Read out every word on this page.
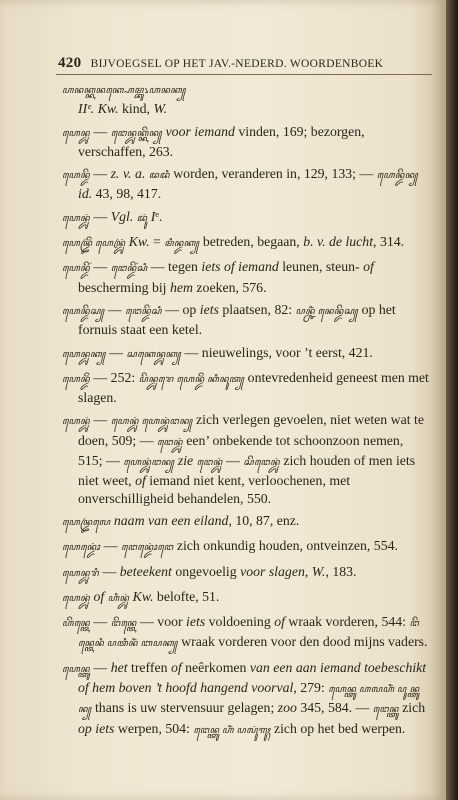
420 BIJVOEGSEL OP HET JAV.-NEDERD. WOORDENBOEK
ꦲꦤꦏ꧀ꦏꦤꦏ꧀ꦲꦺꦩ꧀ꦧꦸ꧈ꦲꦤꦏ꧀
IIᵉ. Kw. kind, W.
ꦲꦺꦤ꧀ꦢꦸ — ꦔꦺꦤ꧀ꦢꦸꦏ꧀ꦏꦼꦤ꧀ voor iemand vinden, 169; bezorgen, verschaffen, 263.
ꦲꦺꦤ꧀ꦢꦼ — z. v. a. ꦢꦢꦶ worden, veranderen in, 129, 133; — ꦲꦺꦤ꧀ꦢꦼꦤ꧀ id. 43, 98, 417.
ꦲꦺꦤ꧀ꦢꦸꦁ — Vgl. ꦢꦸꦁ Iᵉ.
ꦲꦺꦤ꧀ꦢꦿꦼꦁ ꦲꦺꦤ꧀ꦢꦿꦸꦁ Kw. = ꦩꦶꦤ꧀ꦢꦏ꧀ betreden, begaan, b. v. de lucht, 314.
ꦲꦺꦤ꧀ꦢꦼꦂ — ꦔꦺꦤ꧀ꦢꦼꦂꦱꦶ — tegen iets of iemand leunen, steun- of bescherming bij hem zoeken, 576.
ꦲꦺꦤ꧀ꦢꦼꦱ꧀ — ꦔꦺꦤ꧀ꦢꦼꦱꦶ — op iets plaatsen, 82: ꦥꦤ꧀ꦕꦶꦁ ꦤꦺꦤ꧀ꦢꦼꦱ꧀ op het fornuis staat een ketel.
ꦲꦺꦤ꧀ꦢꦸꦏ꧀ — ꦱꦏꦺꦤ꧀ꦢꦸꦏ꧀ — nieuwelings, voor ’t eerst, 421.
ꦲꦺꦤ꧀ꦢꦼꦁ — 252: ꦥꦼꦤ꧀ꦢꦸꦫꦺ ꦲꦺꦤ꧀ꦢꦼꦁ ꦏꦶꦤꦸꦠ꧀ ontevredenheid geneest men met slagen.
ꦲꦺꦤ꧀ꦢꦸꦁ — ꦲꦺꦤ꧀ꦢꦸꦁ ꦲꦺꦤ꧀ꦢꦸꦁꦔꦤ꧀ zich verlegen gevoelen, niet weten wat te doen, 509; — ꦔꦺꦤ꧀ꦢꦸꦁ een’ onbekende tot schoonzoon nemen, 515; — ꦲꦺꦤ꧀ꦢꦸꦁꦔꦤ꧀ zie ꦔꦺꦤ꧀ꦢꦸꦁ — ꦱꦼꦔꦺꦤ꧀ꦢꦸꦁ zich houden of men iets niet weet, of iemand niet kent, verloochenen, met onverschilligheid behandelen, 550.
ꦲꦺꦤ꧀ꦢꦿꦭꦺ naam van een eiland, 10, 87, enz.
ꦲꦺꦤ꧀ꦢꦺꦴꦁ — ꦔꦺꦤ꧀ꦢꦺꦴꦁꦔꦺ zich onkundig houden, ontveinzen, 554.
ꦲꦺꦤ꧀ꦢꦸꦫꦶ — beteekent ongevoelig voor slagen, W., 183.
ꦲꦺꦤ꧀ꦢꦸꦁ of ꦲꦶꦤ꧀ꦢꦸꦁ Kw. belofte, 51.
ꦲꦼꦤ꧀ꦠꦺ — ꦔꦼꦤ꧀ꦠꦺ — voor iets voldoening of wraak vorderen, 544: ꦔꦼꦤ꧀ꦠꦺꦤꦶ ꦥꦠꦶꦤꦶꦁ ꦧꦥꦏ꧀ wraak vorderen voor den dood mijns vaders.
ꦲꦺꦤ꧀ꦠꦸ — het treffen of neêrkomen van een aan iemand toebeschikt of hem boven ’t hoofd hangend voorval, 279: ꦲꦺꦤ꧀ꦠꦸ ꦲꦭꦲꦶꦁ ꦥꦸꦤ꧀ꦠꦸꦤ꧀ thans is uw stervensuur gelagen; zoo 345, 584. — ꦔꦺꦤ꧀ꦠꦸ zich op iets werpen, 504: ꦔꦺꦤ꧀ꦠꦸ ꦲꦶꦁ ꦥꦭꦸꦁꦒꦸꦃ zich op het bed werpen.
